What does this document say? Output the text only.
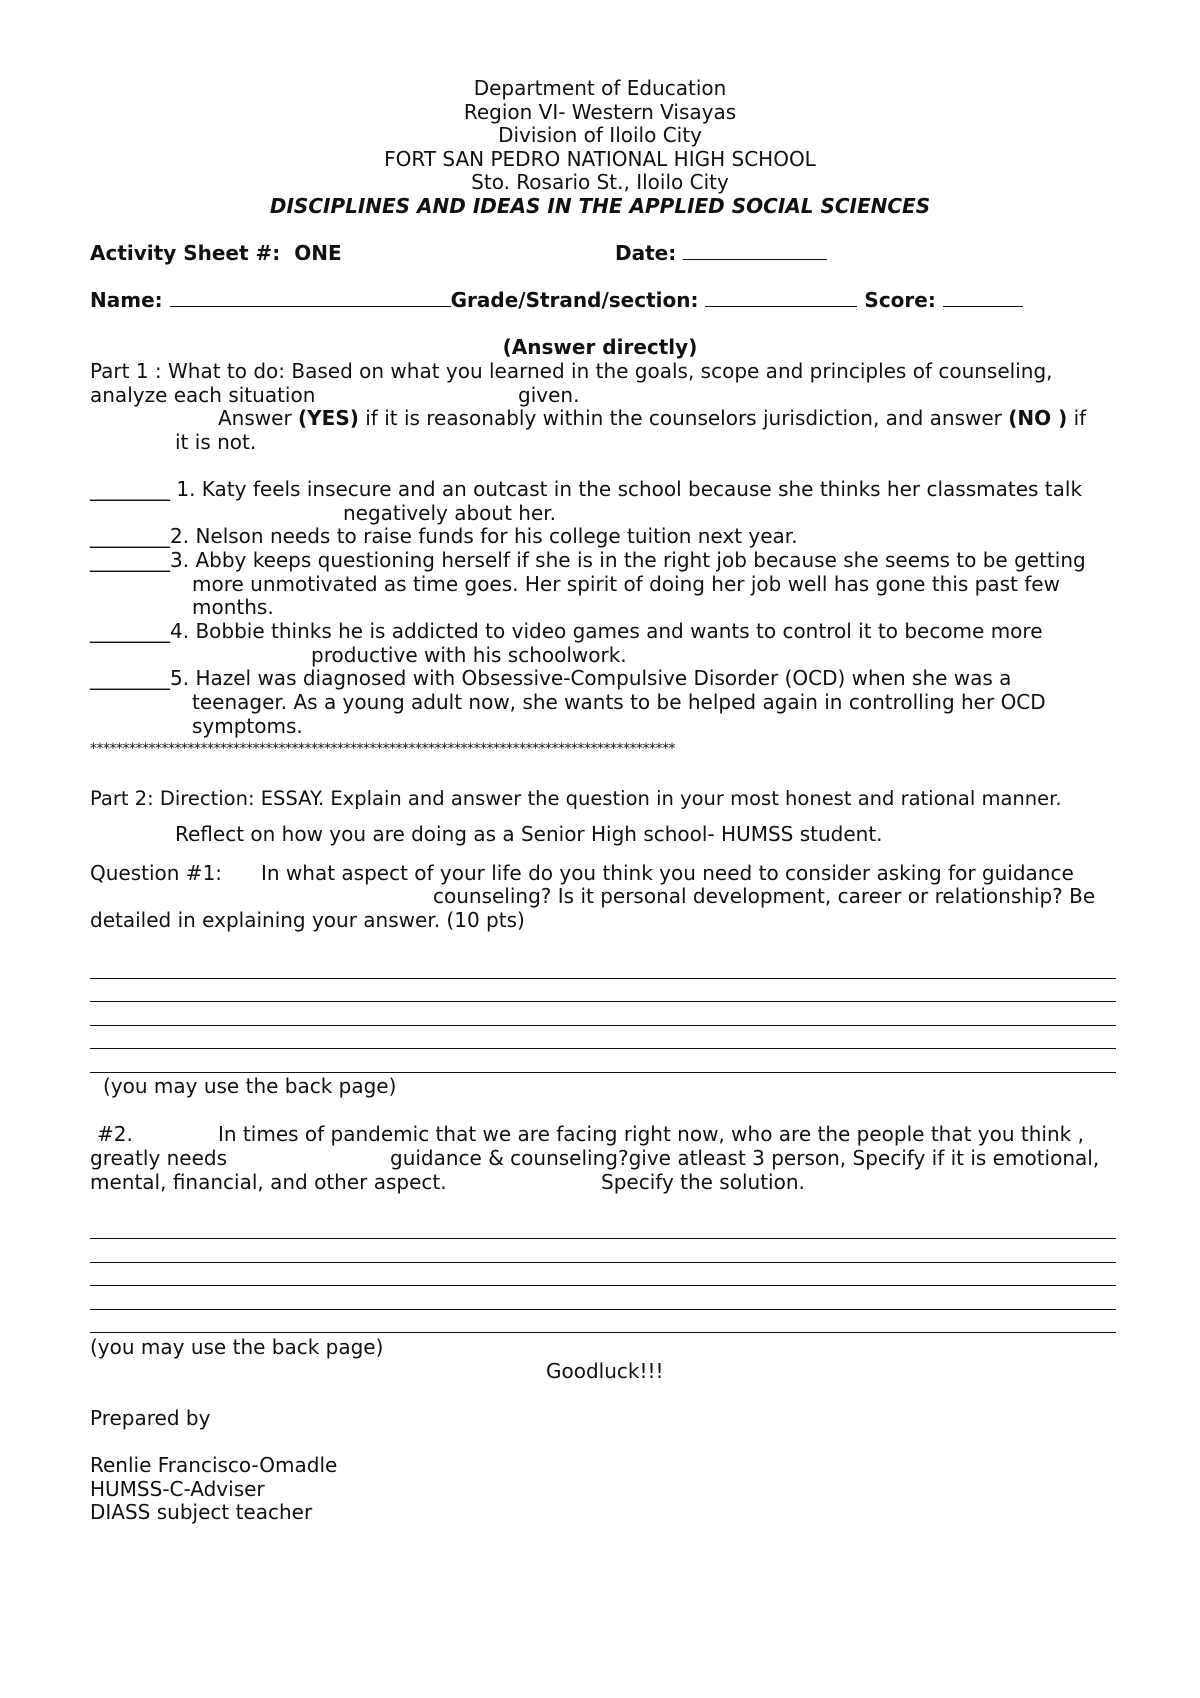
Department of Education
Region VI- Western Visayas
Division of Iloilo City
FORT SAN PEDRO NATIONAL HIGH SCHOOL
Sto. Rosario St., Iloilo City
DISCIPLINES AND IDEAS IN THE APPLIED SOCIAL SCIENCES
Activity Sheet #: ONE	Date:
Name:	Grade/Strand/section:	Score:
(Answer directly)
Part 1 : What to do: Based on what you learned in the goals, scope and principles of counseling,
analyze each situation	given.
Answer (YES) if it is reasonably within the counselors jurisdiction, and answer (NO ) if
it is not.
________ 1. Katy feels insecure and an outcast in the school because she thinks her classmates talk
negatively about her.
________2. Nelson needs to raise funds for his college tuition next year.
________3. Abby keeps questioning herself if she is in the right job because she seems to be getting
more unmotivated as time goes. Her spirit of doing her job well has gone this past few
months.
________4. Bobbie thinks he is addicted to video games and wants to control it to become more
productive with his schoolwork.
________5. Hazel was diagnosed with Obsessive-Compulsive Disorder (OCD) when she was a
teenager. As a young adult now, she wants to be helped again in controlling her OCD
symptoms.
******************************************************************************************
Part 2: Direction: ESSAY. Explain and answer the question in your most honest and rational manner.
Reflect on how you are doing as a Senior High school- HUMSS student.
Question #1: In what aspect of your life do you think you need to consider asking for guidance
counseling? Is it personal development, career or relationship? Be
detailed in explaining your answer. (10 pts)
(you may use the back page)
#2.	In times of pandemic that we are facing right now, who are the people that you think ,
greatly needs	guidance & counseling?give atleast 3 person, Specify if it is emotional,
mental, financial, and other aspect.	Specify the solution.
(you may use the back page)
Goodluck!!!
Prepared by
Renlie Francisco-Omadle
HUMSS-C-Adviser
DIASS subject teacher
